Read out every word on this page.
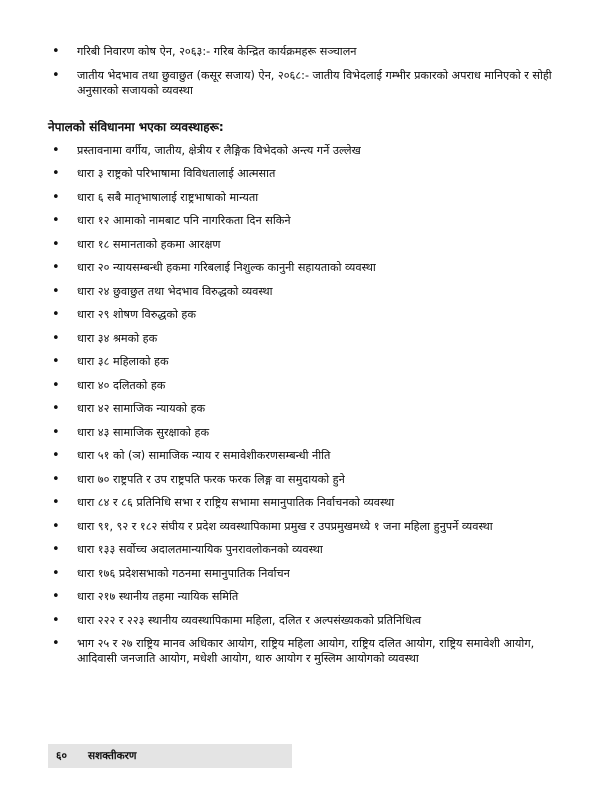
• गरिबी निवारण कोष ऐन, २०६३:- गरिब केन्द्रित कार्यक्रमहरू सञ्चालन
• जातीय भेदभाव तथा छुवाछुत (कसूर सजाय) ऐन, २०६८:- जातीय विभेदलाई गम्भीर प्रकारको अपराध मानिएको र सोही अनुसारको सजायको व्यवस्था
नेपालको संविधानमा भएका व्यवस्थाहरू:
• प्रस्तावनामा वर्गीय, जातीय, क्षेत्रीय र लैङ्गिक विभेदको अन्त्य गर्ने उल्लेख
• धारा ३ राष्ट्रको परिभाषामा विविधतालाई आत्मसात
• धारा ६ सबै मातृभाषालाई राष्ट्रभाषाको मान्यता
• धारा १२ आमाको नामबाट पनि नागरिकता दिन सकिने
• धारा १८ समानताको हकमा आरक्षण
• धारा २० न्यायसम्बन्धी हकमा गरिबलाई निशुल्क कानुनी सहायताको व्यवस्था
• धारा २४ छुवाछुत तथा भेदभाव विरुद्धको व्यवस्था
• धारा २९ शोषण विरुद्धको हक
• धारा ३४ श्रमको हक
• धारा ३८ महिलाको हक
• धारा ४० दलितको हक
• धारा ४२ सामाजिक न्यायको हक
• धारा ४३ सामाजिक सुरक्षाको हक
• धारा ५१ को (ञ) सामाजिक न्याय र समावेशीकरणसम्बन्धी नीति
• धारा ७० राष्ट्रपति र उप राष्ट्रपति फरक फरक लिङ्ग वा समुदायको हुने
• धारा ८४ र ८६ प्रतिनिधि सभा र राष्ट्रिय सभामा समानुपातिक निर्वाचनको व्यवस्था
• धारा ९१, ९२ र १८२ संघीय र प्रदेश व्यवस्थापिकामा प्रमुख र उपप्रमुखमध्ये १ जना महिला हुनुपर्ने व्यवस्था
• धारा १३३ सर्वोच्च अदालतमान्यायिक पुनरावलोकनको व्यवस्था
• धारा १७६ प्रदेशसभाको गठनमा समानुपातिक निर्वाचन
• धारा २१७ स्थानीय तहमा न्यायिक समिति
• धारा २२२ र २२३ स्थानीय व्यवस्थापिकामा महिला, दलित र अल्पसंख्यकको प्रतिनिधित्व
• भाग २५ र २७ राष्ट्रिय मानव अधिकार आयोग, राष्ट्रिय महिला आयोग, राष्ट्रिय दलित आयोग, राष्ट्रिय समावेशी आयोग, आदिवासी जनजाति आयोग, मधेशी आयोग, थारु आयोग र मुस्लिम आयोगको व्यवस्था
६०	सशक्तीकरण
